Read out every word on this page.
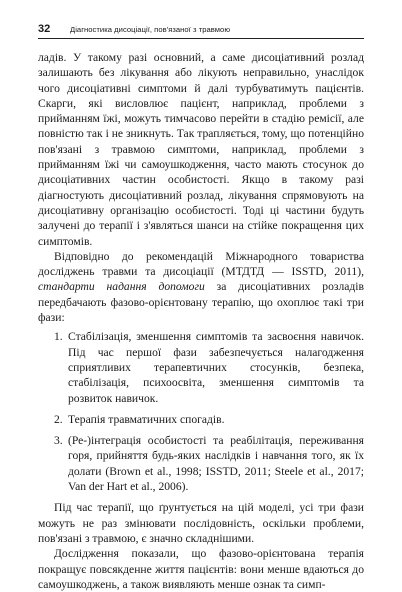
32	Діагностика дисоціації, пов'язаної з травмою

ладів. У такому разі основний, а саме дисоціативний розлад залишають без лікування або лікують неправильно, унаслідок чого дисоціативні симптоми й далі турбуватимуть пацієнтів. Скарги, які висловлює пацієнт, наприклад, проблеми з прийманням їжі, можуть тимчасово перейти в стадію ремісії, але повністю так і не зникнуть. Так трапляється, тому, що потенційно пов'язані з травмою симптоми, наприклад, проблеми з прийманням їжі чи самоушкодження, часто мають стосунок до дисоціативних частин особистості. Якщо в такому разі діагностують дисоціативний розлад, лікування спрямовують на дисоціативну організацію особистості. Тоді ці частини будуть залучені до терапії і з'являться шанси на стійке покращення цих симптомів.

Відповідно до рекомендацій Міжнародного товариства досліджень травми та дисоціації (МТДТД — ISSTD, 2011), стандарти надання допомоги за дисоціативних розладів передбачають фазово-орієнтовану терапію, що охоплює такі три фази:

1. Стабілізація, зменшення симптомів та засвоєння навичок. Під час першої фази забезпечується налагодження сприятливих терапевтичних стосунків, безпека, стабілізація, психоосвіта, зменшення симптомів та розвиток навичок.
2. Терапія травматичних спогадів.
3. (Ре-)інтеграція особистості та реабілітація, переживання горя, прийняття будь-яких наслідків і навчання того, як їх долати (Brown et al., 1998; ISSTD, 2011; Steele et al., 2017; Van der Hart et al., 2006).

Під час терапії, що ґрунтується на цій моделі, усі три фази можуть не раз змінювати послідовність, оскільки проблеми, пов'язані з травмою, є значно складнішими.

Дослідження показали, що фазово-орієнтована терапія покращує повсякденне життя пацієнтів: вони менше вдаються до самоушкоджень, а також виявляють менше ознак та симп-
